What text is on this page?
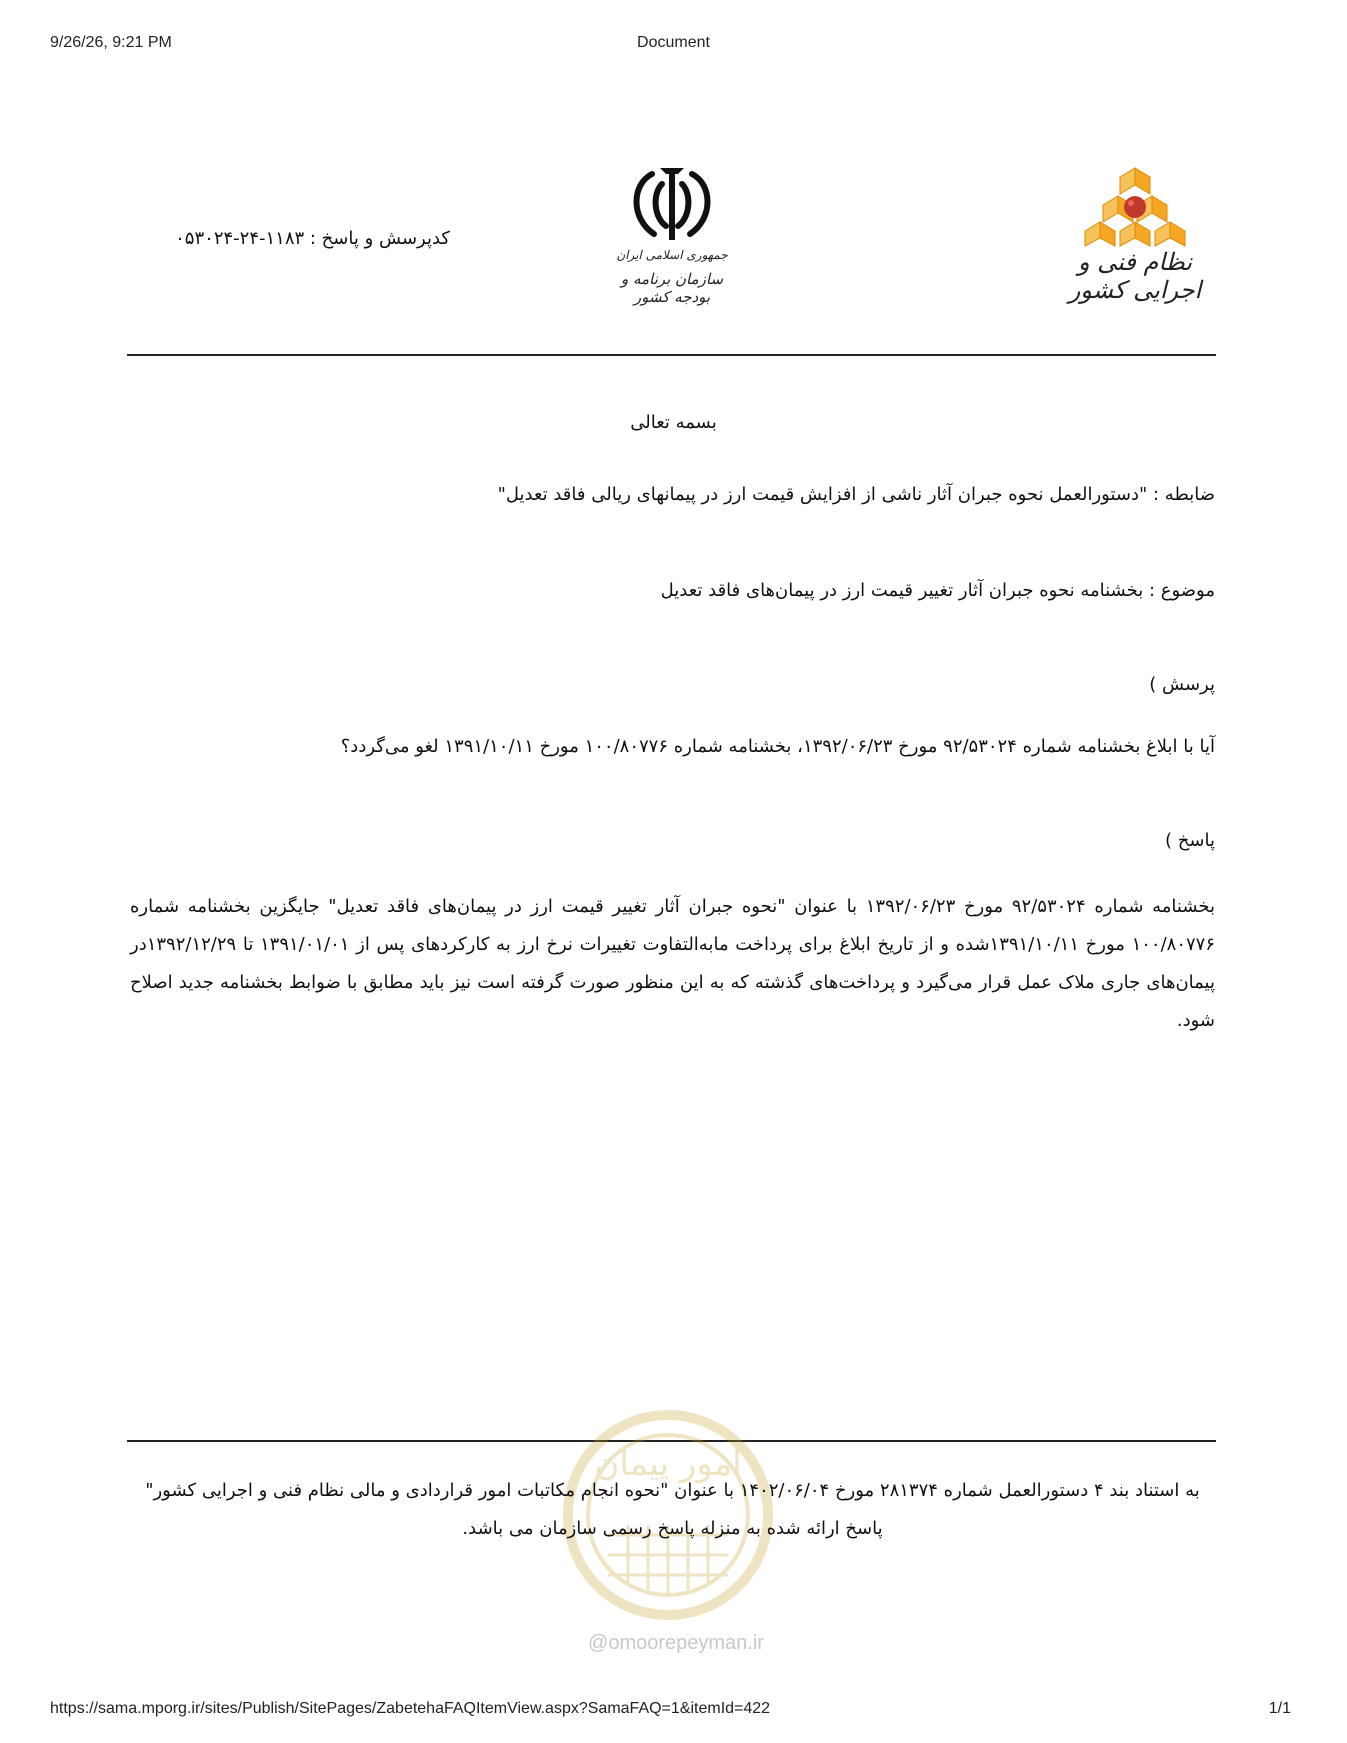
9/26/26, 9:21 PM	Document
نظام فنی و اجرایی کشور
جمهوری اسلامی ایران
سازمان برنامه و بودجه کشور
کدپرسش و پاسخ : ۱۱۸۳-۲۴-۰۵۳۰۲۴
بسمه تعالی
ضابطه : "دستورالعمل نحوه جبران آثار ناشی از افزایش قیمت ارز در پیمانهای ریالی فاقد تعدیل"
موضوع : بخشنامه نحوه جبران آثار تغییر قیمت ارز در پیمان‌های فاقد تعدیل
پرسش )
آیا با ابلاغ بخشنامه شماره ۹۲/۵۳۰۲۴ مورخ ۱۳۹۲/۰۶/۲۳، بخشنامه شماره ۱۰۰/۸۰۷۷۶ مورخ ۱۳۹۱/۱۰/۱۱ لغو می‌گردد؟
پاسخ )
بخشنامه شماره ۹۲/۵۳۰۲۴ مورخ ۱۳۹۲/۰۶/۲۳ با عنوان "نحوه جبران آثار تغییر قیمت ارز در پیمان‌های فاقد تعدیل" جایگزین بخشنامه شماره ۱۰۰/۸۰۷۷۶ مورخ ۱۳۹۱/۱۰/۱۱شده و از تاریخ ابلاغ برای پرداخت مابه‌التفاوت تغییرات نرخ ارز به کارکردهای پس از ۱۳۹۱/۰۱/۰۱ تا ۱۳۹۲/۱۲/۲۹در پیمان‌های جاری ملاک عمل قرار می‌گیرد و پرداخت‌های گذشته که به این منظور صورت گرفته است نیز باید مطابق با ضوابط بخشنامه جدید اصلاح شود.
امور پیمان
به استناد بند ۴ دستورالعمل شماره ۲۸۱۳۷۴ مورخ ۱۴۰۲/۰۶/۰۴ با عنوان "نحوه انجام مکاتبات امور قراردادی و مالی نظام فنی و اجرایی کشور" پاسخ ارائه شده به منزله پاسخ رسمی سازمان می باشد.
@omoorepeyman.ir
https://sama.mporg.ir/sites/Publish/SitePages/ZabetehaFAQItemView.aspx?SamaFAQ=1&itemId=422	1/1
